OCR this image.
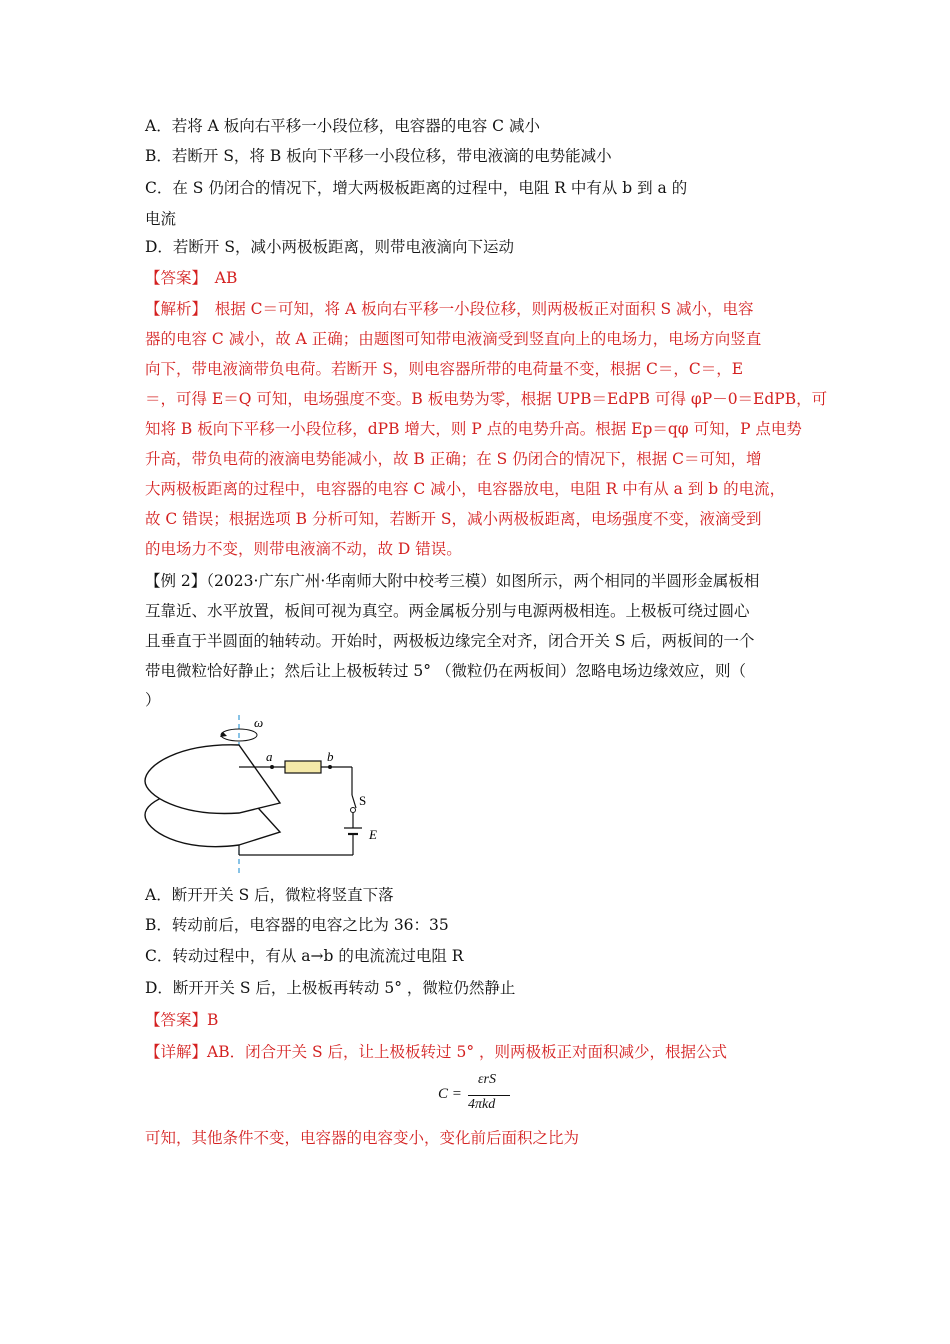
A．若将 A 板向右平移一小段位移，电容器的电容 C 减小
B．若断开 S，将 B 板向下平移一小段位移，带电液滴的电势能减小
C．在 S 仍闭合的情况下，增大两极板距离的过程中，电阻 R 中有从 b 到 a 的
电流
D．若断开 S，减小两极板距离，则带电液滴向下运动
【答案】　AB
【解析】　根据 C＝可知，将 A 板向右平移一小段位移，则两极板正对面积 S 减小，电容
器的电容 C 减小，故 A 正确；由题图可知带电液滴受到竖直向上的电场力，电场方向竖直
向下，带电液滴带负电荷。若断开 S，则电容器所带的电荷量不变，根据 C＝，C＝，E
＝，可得 E＝Q 可知，电场强度不变。B 板电势为零，根据 UPB＝EdPB 可得 φP－0＝EdPB，可
知将 B 板向下平移一小段位移，dPB 增大，则 P 点的电势升高。根据 Ep＝qφ 可知，P 点电势
升高，带负电荷的液滴电势能减小，故 B 正确；在 S 仍闭合的情况下，根据 C＝可知，增
大两极板距离的过程中，电容器的电容 C 减小，电容器放电，电阻 R 中有从 a 到 b 的电流，
故 C 错误；根据选项 B 分析可知，若断开 S，减小两极板距离，电场强度不变，液滴受到
的电场力不变，则带电液滴不动，故 D 错误。
【例 2】（2023·广东广州·华南师大附中校考三模）如图所示，两个相同的半圆形金属板相
互靠近、水平放置，板间可视为真空。两金属板分别与电源两极相连。上极板可绕过圆心
且垂直于半圆面的轴转动。开始时，两极板边缘完全对齐，闭合开关 S 后，两板间的一个
带电微粒恰好静止；然后让上极板转过 5° （微粒仍在两板间）忽略电场边缘效应，则（
）
ω
a	b
S
E
A．断开开关 S 后，微粒将竖直下落
B．转动前后，电容器的电容之比为 36：35
C．转动过程中，有从 a→b 的电流流过电阻 R
D．断开开关 S 后，上极板再转动 5° ，微粒仍然静止
【答案】B
【详解】AB．闭合开关 S 后，让上极板转过 5° ，则两极板正对面积减少，根据公式
C =
εrS
4πkd
可知，其他条件不变，电容器的电容变小，变化前后面积之比为
